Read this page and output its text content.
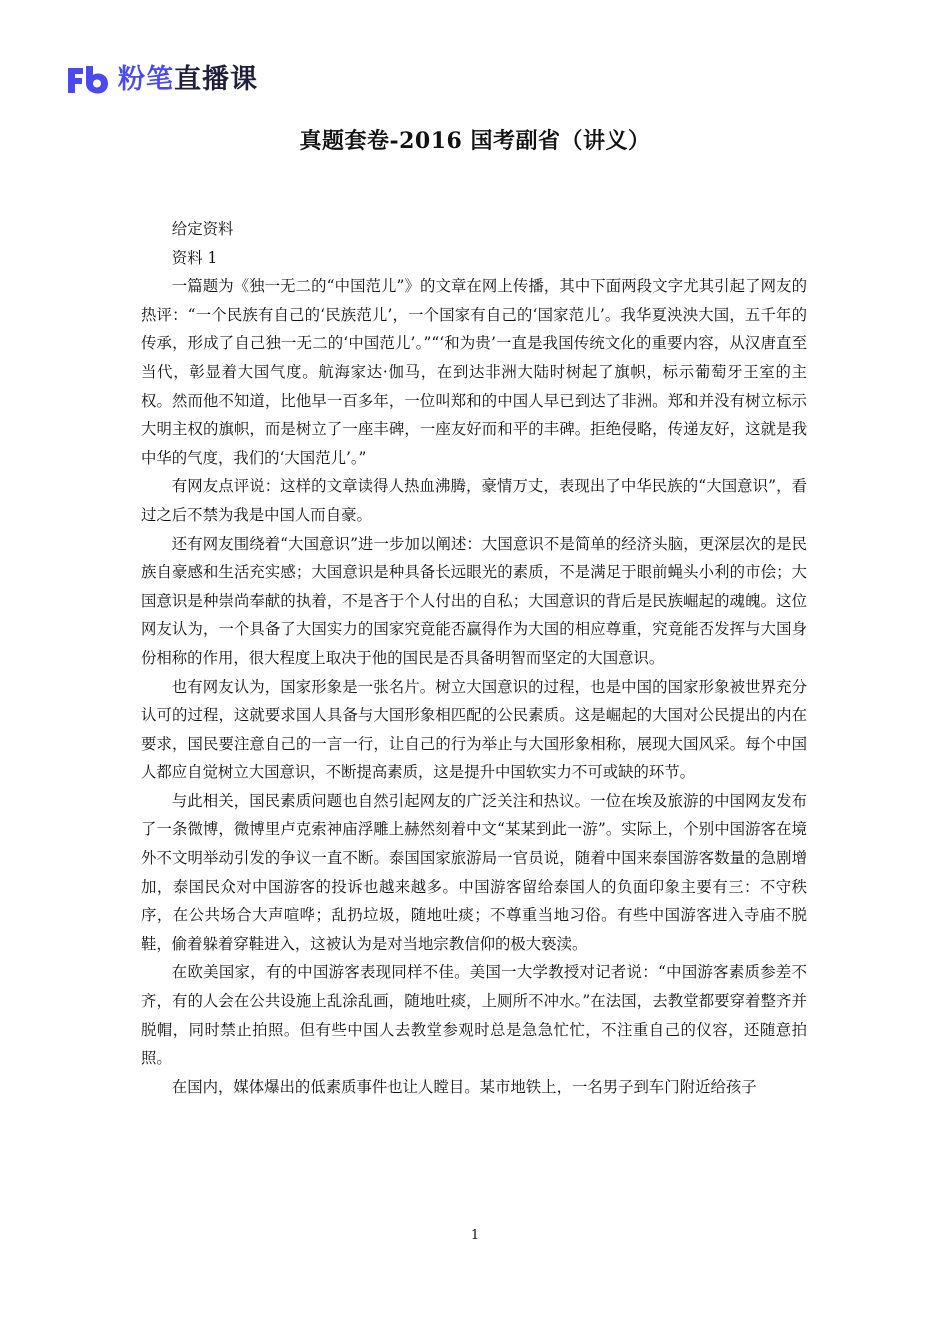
粉笔直播课
真题套卷-2016 国考副省（讲义）

给定资料

资料 1

一篇题为《独一无二的“中国范儿”》的文章在网上传播，其中下面两段文字尤其引起了网友的热评：“一个民族有自己的‘民族范儿’，一个国家有自己的‘国家范儿’。我华夏泱泱大国，五千年的传承，形成了自己独一无二的‘中国范儿’。”“‘和为贵’一直是我国传统文化的重要内容，从汉唐直至当代，彰显着大国气度。航海家达·伽马，在到达非洲大陆时树起了旗帜，标示葡萄牙王室的主权。然而他不知道，比他早一百多年，一位叫郑和的中国人早已到达了非洲。郑和并没有树立标示大明主权的旗帜，而是树立了一座丰碑，一座友好而和平的丰碑。拒绝侵略，传递友好，这就是我中华的气度，我们的‘大国范儿’。”

有网友点评说：这样的文章读得人热血沸腾，豪情万丈，表现出了中华民族的“大国意识”，看过之后不禁为我是中国人而自豪。

还有网友围绕着“大国意识”进一步加以阐述：大国意识不是简单的经济头脑，更深层次的是民族自豪感和生活充实感；大国意识是种具备长远眼光的素质，不是满足于眼前蝇头小利的市侩；大国意识是种崇尚奉献的执着，不是吝于个人付出的自私；大国意识的背后是民族崛起的魂魄。这位网友认为，一个具备了大国实力的国家究竟能否赢得作为大国的相应尊重，究竟能否发挥与大国身份相称的作用，很大程度上取决于他的国民是否具备明智而坚定的大国意识。

也有网友认为，国家形象是一张名片。树立大国意识的过程，也是中国的国家形象被世界充分认可的过程，这就要求国人具备与大国形象相匹配的公民素质。这是崛起的大国对公民提出的内在要求，国民要注意自己的一言一行，让自己的行为举止与大国形象相称，展现大国风采。每个中国人都应自觉树立大国意识，不断提高素质，这是提升中国软实力不可或缺的环节。

与此相关，国民素质问题也自然引起网友的广泛关注和热议。一位在埃及旅游的中国网友发布了一条微博，微博里卢克索神庙浮雕上赫然刻着中文“某某到此一游”。实际上，个别中国游客在境外不文明举动引发的争议一直不断。泰国国家旅游局一官员说，随着中国来泰国游客数量的急剧增加，泰国民众对中国游客的投诉也越来越多。中国游客留给泰国人的负面印象主要有三：不守秩序，在公共场合大声喧哗；乱扔垃圾，随地吐痰；不尊重当地习俗。有些中国游客进入寺庙不脱鞋，偷着躲着穿鞋进入，这被认为是对当地宗教信仰的极大亵渎。

在欧美国家，有的中国游客表现同样不佳。美国一大学教授对记者说：“中国游客素质参差不齐，有的人会在公共设施上乱涂乱画，随地吐痰，上厕所不冲水。”在法国，去教堂都要穿着整齐并脱帽，同时禁止拍照。但有些中国人去教堂参观时总是急急忙忙，不注重自己的仪容，还随意拍照。

在国内，媒体爆出的低素质事件也让人瞠目。某市地铁上，一名男子到车门附近给孩子

1
